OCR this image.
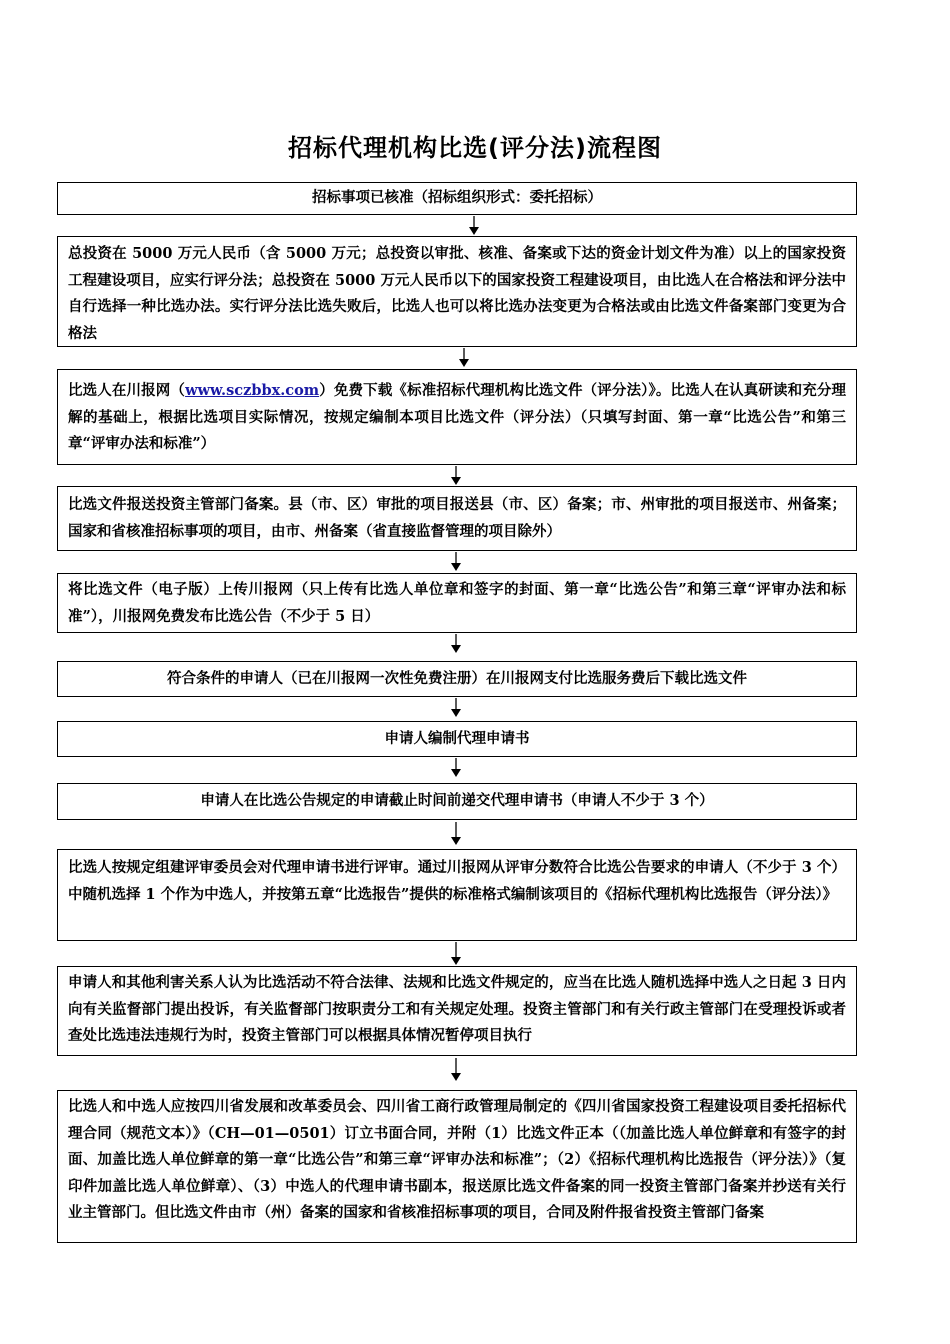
招标代理机构比选(评分法)流程图
招标事项已核准（招标组织形式：委托招标）
总投资在 5000 万元人民币（含 5000 万元；总投资以审批、核准、备案或下达的资金计划文件为准）以上的国家投资工程建设项目，应实行评分法；总投资在 5000 万元人民币以下的国家投资工程建设项目，由比选人在合格法和评分法中自行选择一种比选办法。实行评分法比选失败后，比选人也可以将比选办法变更为合格法或由比选文件备案部门变更为合格法
比选人在川报网（www.sczbbx.com）免费下载《标准招标代理机构比选文件（评分法）》。比选人在认真研读和充分理解的基础上，根据比选项目实际情况，按规定编制本项目比选文件（评分法）（只填写封面、第一章“比选公告”和第三章“评审办法和标准”）
比选文件报送投资主管部门备案。县（市、区）审批的项目报送县（市、区）备案；市、州审批的项目报送市、州备案；国家和省核准招标事项的项目，由市、州备案（省直接监督管理的项目除外）
将比选文件（电子版）上传川报网（只上传有比选人单位章和签字的封面、第一章“比选公告”和第三章“评审办法和标准”），川报网免费发布比选公告（不少于 5 日）
符合条件的申请人（已在川报网一次性免费注册）在川报网支付比选服务费后下载比选文件
申请人编制代理申请书
申请人在比选公告规定的申请截止时间前递交代理申请书（申请人不少于 3 个）
比选人按规定组建评审委员会对代理申请书进行评审。通过川报网从评审分数符合比选公告要求的申请人（不少于 3 个）中随机选择 1 个作为中选人，并按第五章“比选报告”提供的标准格式编制该项目的《招标代理机构比选报告（评分法）》
申请人和其他利害关系人认为比选活动不符合法律、法规和比选文件规定的，应当在比选人随机选择中选人之日起 3 日内向有关监督部门提出投诉，有关监督部门按职责分工和有关规定处理。投资主管部门和有关行政主管部门在受理投诉或者查处比选违法违规行为时，投资主管部门可以根据具体情况暂停项目执行
比选人和中选人应按四川省发展和改革委员会、四川省工商行政管理局制定的《四川省国家投资工程建设项目委托招标代理合同（规范文本）》（CH—01—0501）订立书面合同，并附（1）比选文件正本（（加盖比选人单位鲜章和有签字的封面、加盖比选人单位鲜章的第一章“比选公告”和第三章“评审办法和标准”；（2）《招标代理机构比选报告（评分法）》（复印件加盖比选人单位鲜章）、（3）中选人的代理申请书副本，报送原比选文件备案的同一投资主管部门备案并抄送有关行业主管部门。但比选文件由市（州）备案的国家和省核准招标事项的项目，合同及附件报省投资主管部门备案
